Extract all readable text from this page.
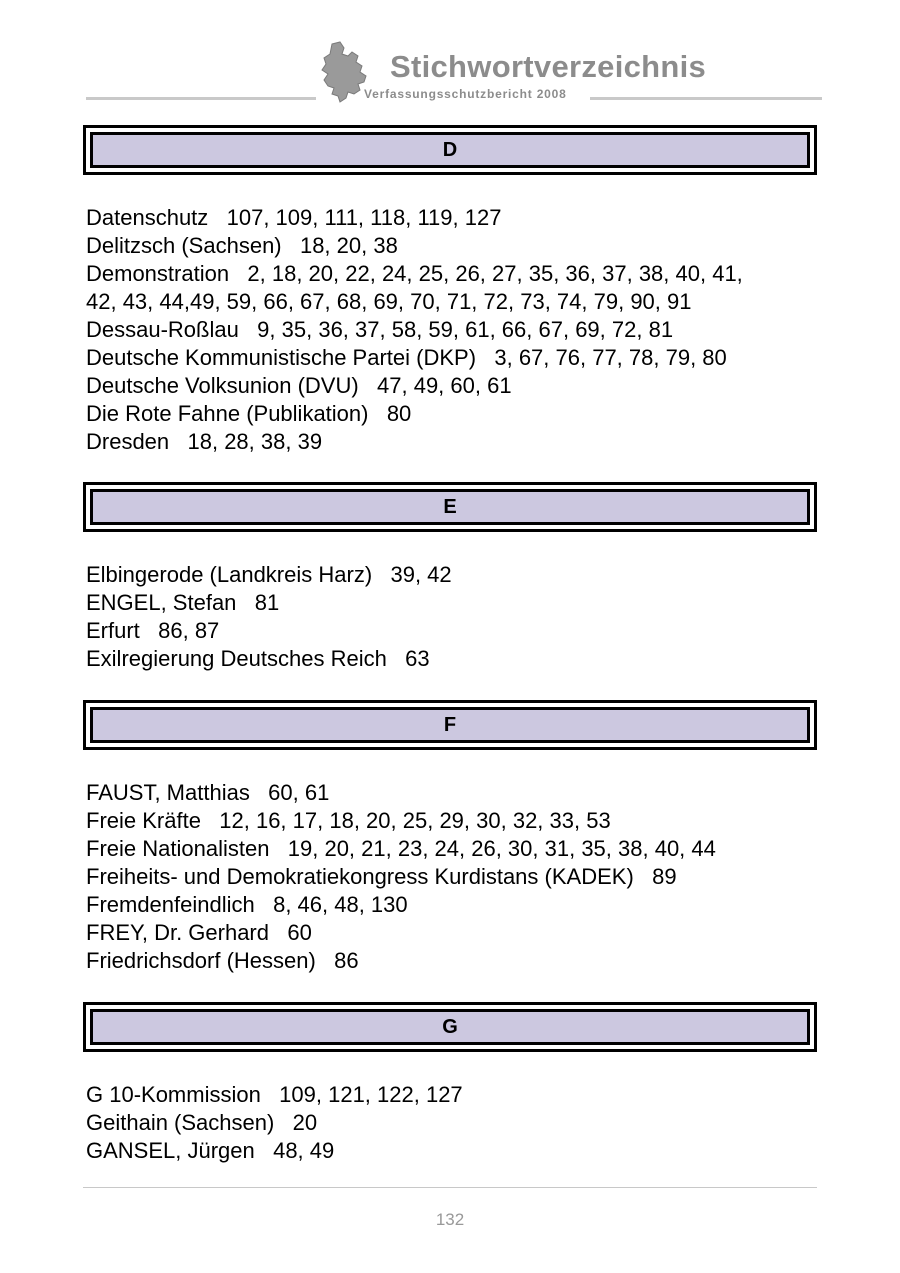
Stichwortverzeichnis
Verfassungsschutzbericht 2008
D
Datenschutz   107, 109, 111, 118, 119, 127
Delitzsch (Sachsen)   18, 20, 38
Demonstration   2, 18, 20, 22, 24, 25, 26, 27, 35, 36, 37, 38, 40, 41,
42, 43, 44,49, 59, 66, 67, 68, 69, 70, 71, 72, 73, 74, 79, 90, 91
Dessau-Roßlau   9, 35, 36, 37, 58, 59, 61, 66, 67, 69, 72, 81
Deutsche Kommunistische Partei (DKP)   3, 67, 76, 77, 78, 79, 80
Deutsche Volksunion (DVU)   47, 49, 60, 61
Die Rote Fahne (Publikation)   80
Dresden   18, 28, 38, 39
E
Elbingerode (Landkreis Harz)   39, 42
ENGEL, Stefan   81
Erfurt   86, 87
Exilregierung Deutsches Reich   63
F
FAUST, Matthias   60, 61
Freie Kräfte   12, 16, 17, 18, 20, 25, 29, 30, 32, 33, 53
Freie Nationalisten   19, 20, 21, 23, 24, 26, 30, 31, 35, 38, 40, 44
Freiheits- und Demokratiekongress Kurdistans (KADEK)   89
Fremdenfeindlich   8, 46, 48, 130
FREY, Dr. Gerhard   60
Friedrichsdorf (Hessen)   86
G
G 10-Kommission   109, 121, 122, 127
Geithain (Sachsen)   20
GANSEL, Jürgen   48, 49
132
